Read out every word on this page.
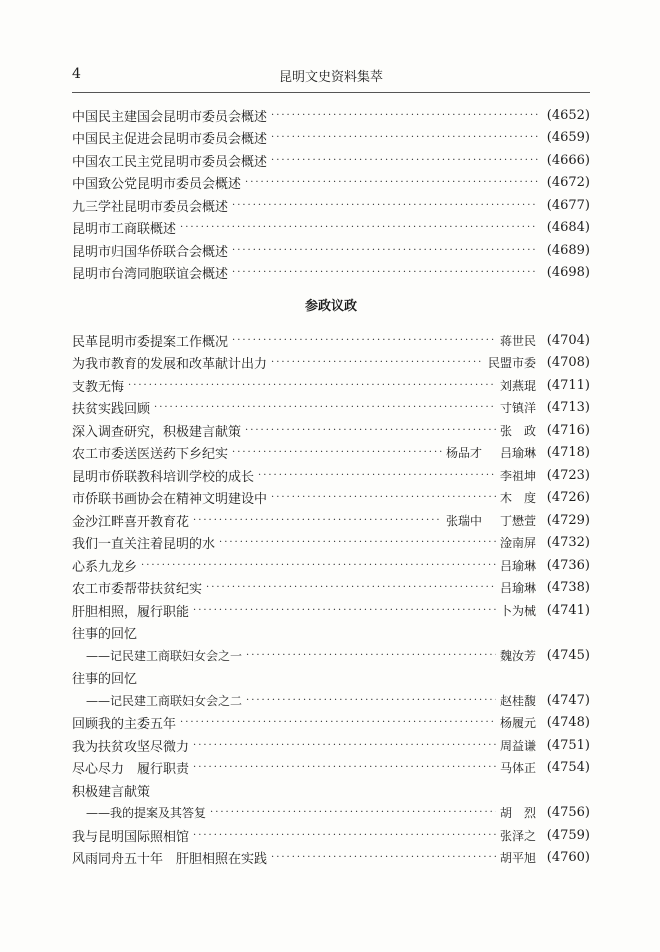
4	昆明文史资料集萃
中国民主建国会昆明市委员会概述 ·····	(4652)
中国民主促进会昆明市委员会概述 ·····	(4659)
中国农工民主党昆明市委员会概述 ·····	(4666)
中国致公党昆明市委员会概述 ·····	(4672)
九三学社昆明市委员会概述 ·····	(4677)
昆明市工商联概述 ·····	(4684)
昆明市归国华侨联合会概述 ·····	(4689)
昆明市台湾同胞联谊会概述 ·····	(4698)
参政议政
民革昆明市委提案工作概况 ·····	蒋世民 (4704)
为我市教育的发展和改革献计出力 ·····	民盟市委 (4708)
支教无悔 ·····	刘燕琨 (4711)
扶贫实践回顾 ·····	寸镇洋 (4713)
深入调查研究，积极建言献策 ·····	张　政 (4716)
农工市委送医送药下乡纪实 ·····	杨品才 吕瑜琳 (4718)
昆明市侨联教科培训学校的成长 ·····	李祖坤 (4723)
市侨联书画协会在精神文明建设中 ·····	木　度 (4726)
金沙江畔喜开教育花 ·····	张瑞中 丁懋萱 (4729)
我们一直关注着昆明的水 ·····	淦南屏 (4732)
心系九龙乡 ·····	吕瑜琳 (4736)
农工市委帮带扶贫纪实 ·····	吕瑜琳 (4738)
肝胆相照，履行职能 ·····	卜为械 (4741)
往事的回忆
——记民建工商联妇女会之一 ·····	魏汝芳 (4745)
往事的回忆
——记民建工商联妇女会之二 ·····	赵桂馥 (4747)
回顾我的主委五年 ·····	杨履元 (4748)
我为扶贫攻坚尽微力 ·····	周益谦 (4751)
尽心尽力　履行职责 ·····	马体正 (4754)
积极建言献策
——我的提案及其答复 ·····	胡　烈 (4756)
我与昆明国际照相馆 ·····	张泽之 (4759)
风雨同舟五十年　肝胆相照在实践 ·····	胡平旭 (4760)
